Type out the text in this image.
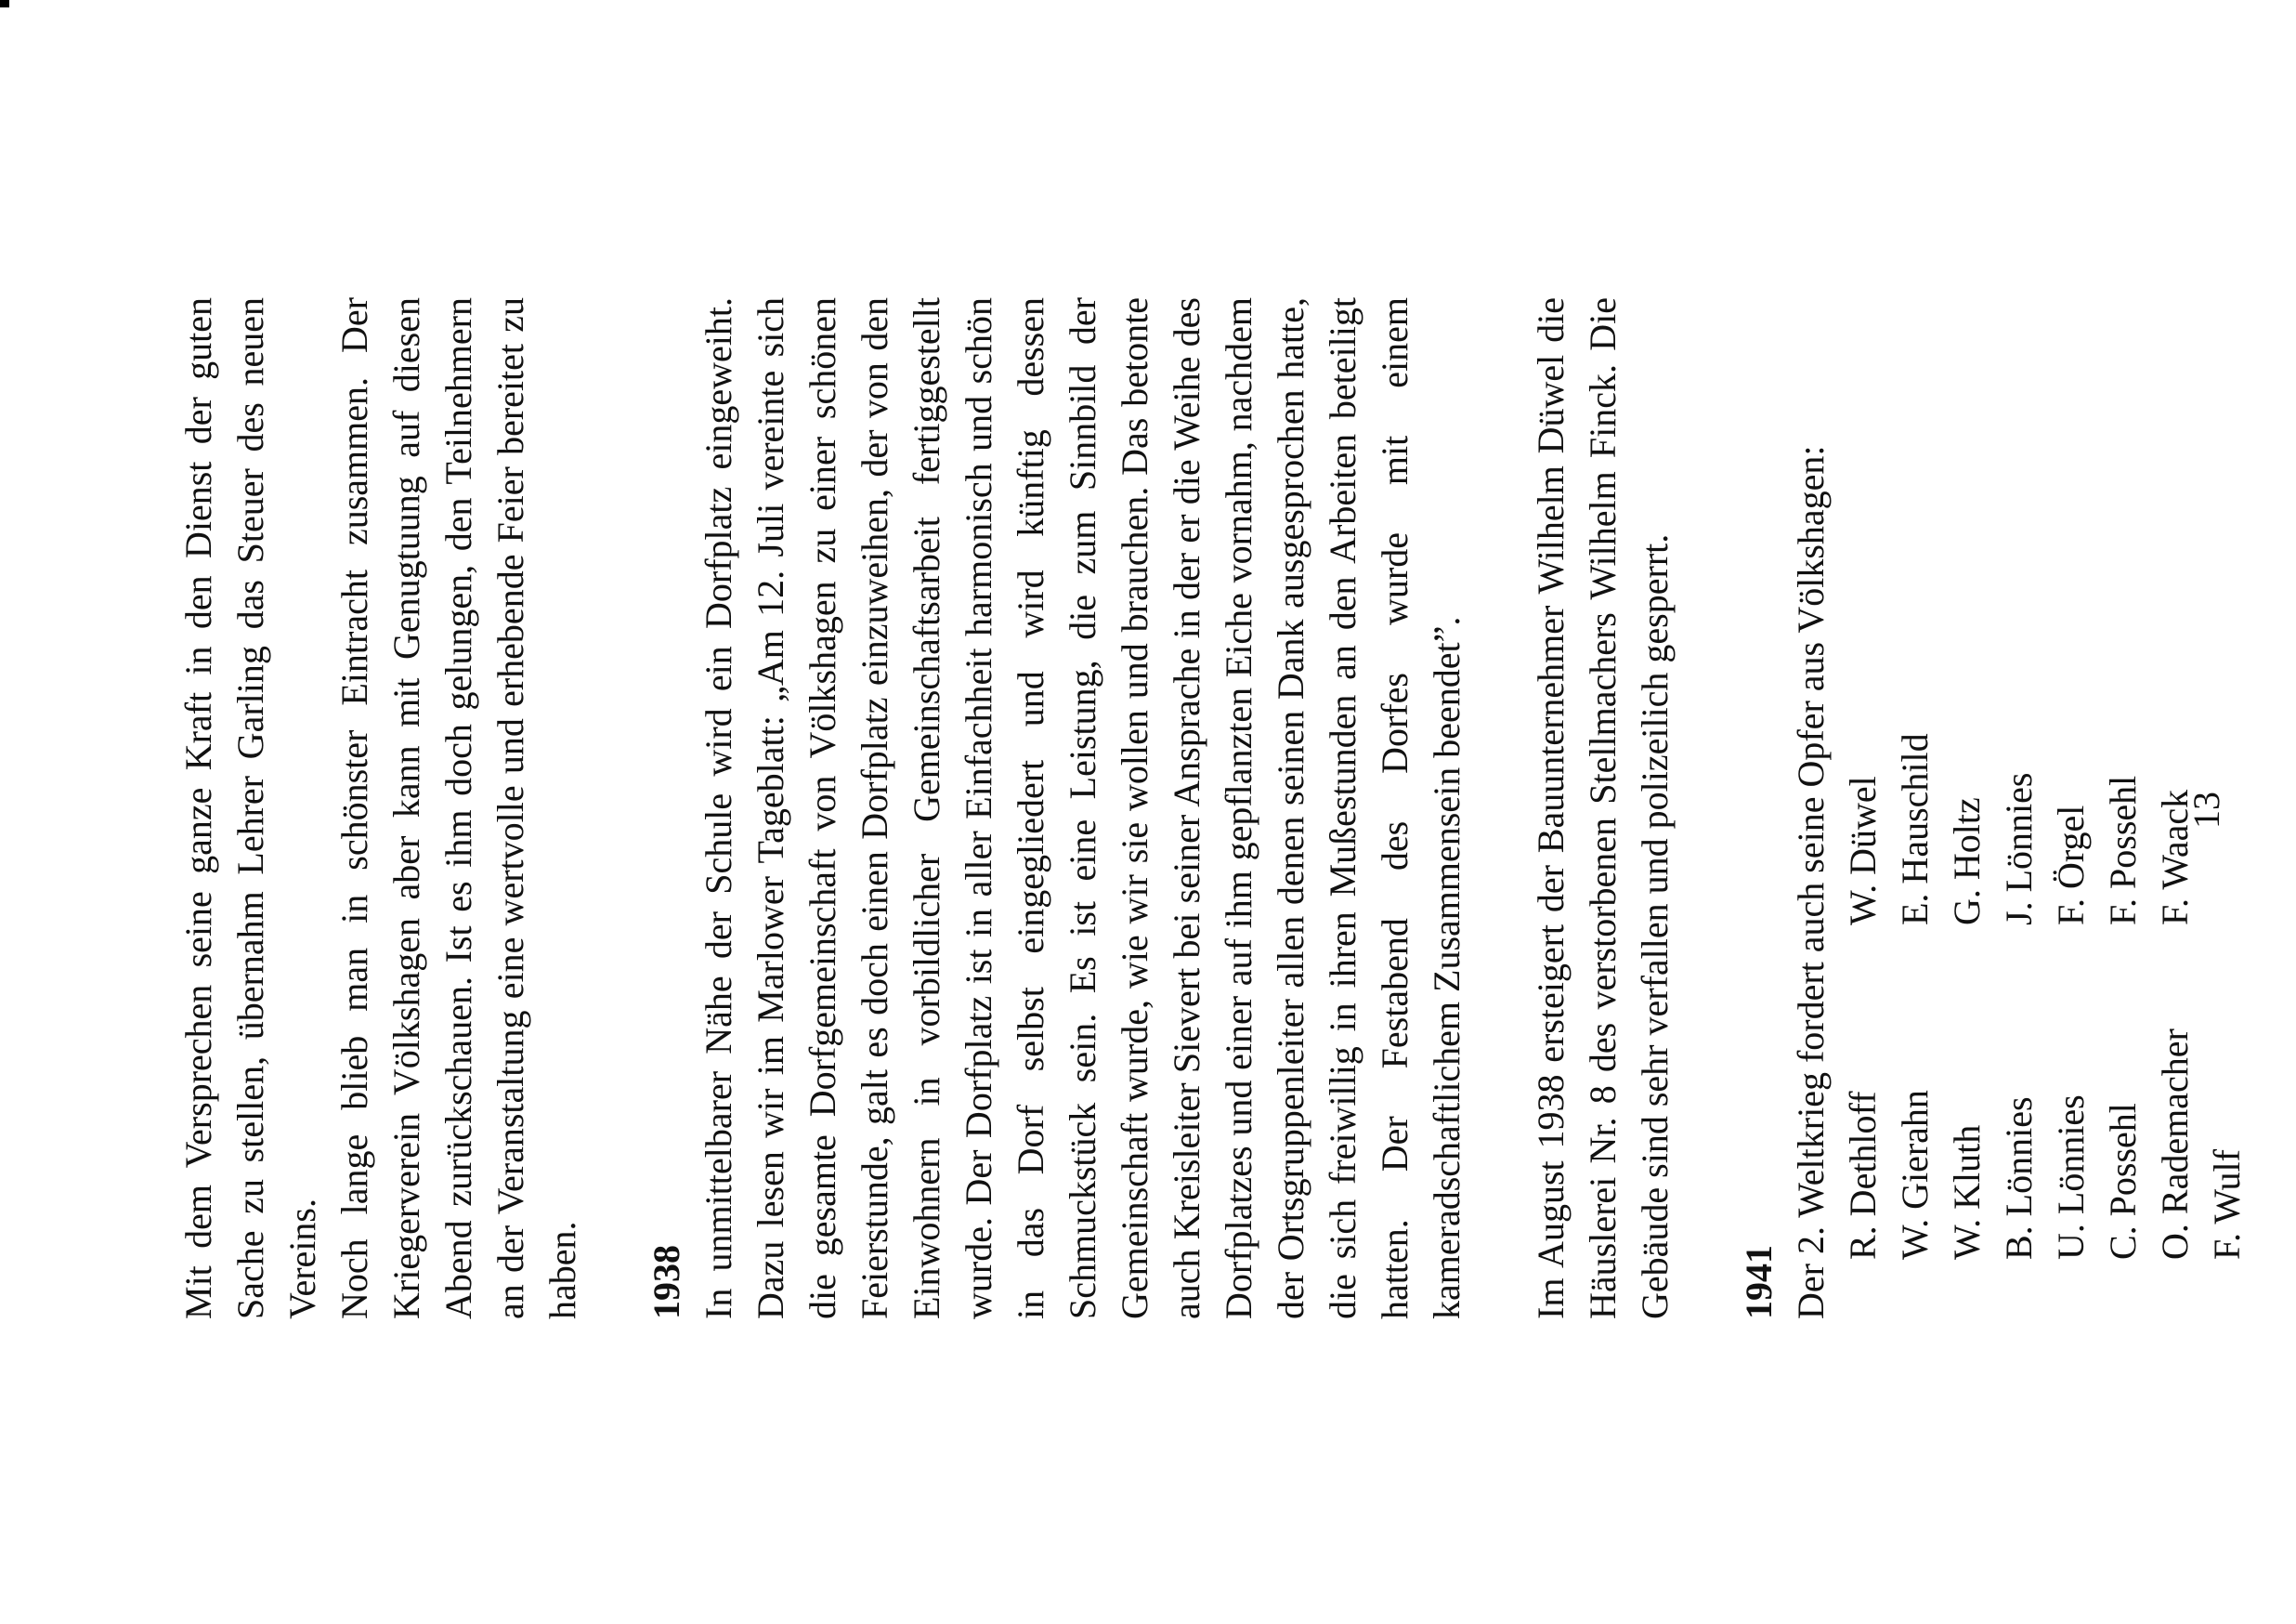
Mit dem Versprechen seine ganze Kraft in den Dienst der guten Sache zu stellen, übernahm Lehrer Garling das Steuer des neuen Vereins. Noch lange blieb man in schönster Eintracht zusammen. Der Kriegerverein Völkshagen aber kann mit Genugtuung auf diesen Abend zurückschauen. Ist es ihm doch gelungen, den Teilnehmern an der Veranstaltung eine wertvolle und erhebende Feier bereitet zu haben. 1938 In unmittelbarer Nähe der Schule wird ein Dorfplatz eingeweiht. Dazu lesen wir im Marlower Tageblatt: „Am 12. Juli vereinte sich die gesamte Dorfgemeinschaft von Völkshagen zu einer schönen Feierstunde, galt es doch einen Dorfplatz einzuweihen, der von den Einwohnern in vorbildlicher Gemeinschaftsarbeit fertiggestellt wurde. Der Dorfplatz ist in aller Einfachheit harmonisch und schön in das Dorf selbst eingegliedert und wird künftig dessen Schmuckstück sein. Es ist eine Leistung, die zum Sinnbild der Gemeinschaft wurde, wie wir sie wollen und brauchen. Das betonte auch Kreisleiter Sievert bei seiner Ansprache in der er die Weihe des Dorfplatzes und einer auf ihm gepflanzten Eiche vornahm, nachdem der Ortsgruppenleiter allen denen seinen Dank ausgesprochen hatte, die sich freiwillig in ihren Mußestunden an den Arbeiten beteiligt hatten. Der Festabend des Dorfes wurde mit einem kameradschaftlichem Zusammensein beendet”. Im August 1938 ersteigert der Bauunternehmer Wilhelm Düwel die Häuslerei Nr. 8 des verstorbenen Stellmachers Wilhelm Finck. Die Gebäude sind sehr verfallen und polizeilich gesperrt. 1941 Der 2. Weltkrieg fordert auch seine Opfer aus Völkshagen: R. Dethloff W. Gierahn W. Kluth B. Lönnies U. Lönnies C. Possehl O. Rademacher F. Wulf
W. Düwel E. Hauschild G. Holtz J. Lönnies F. Örgel F. Possehl F. Waack
13
